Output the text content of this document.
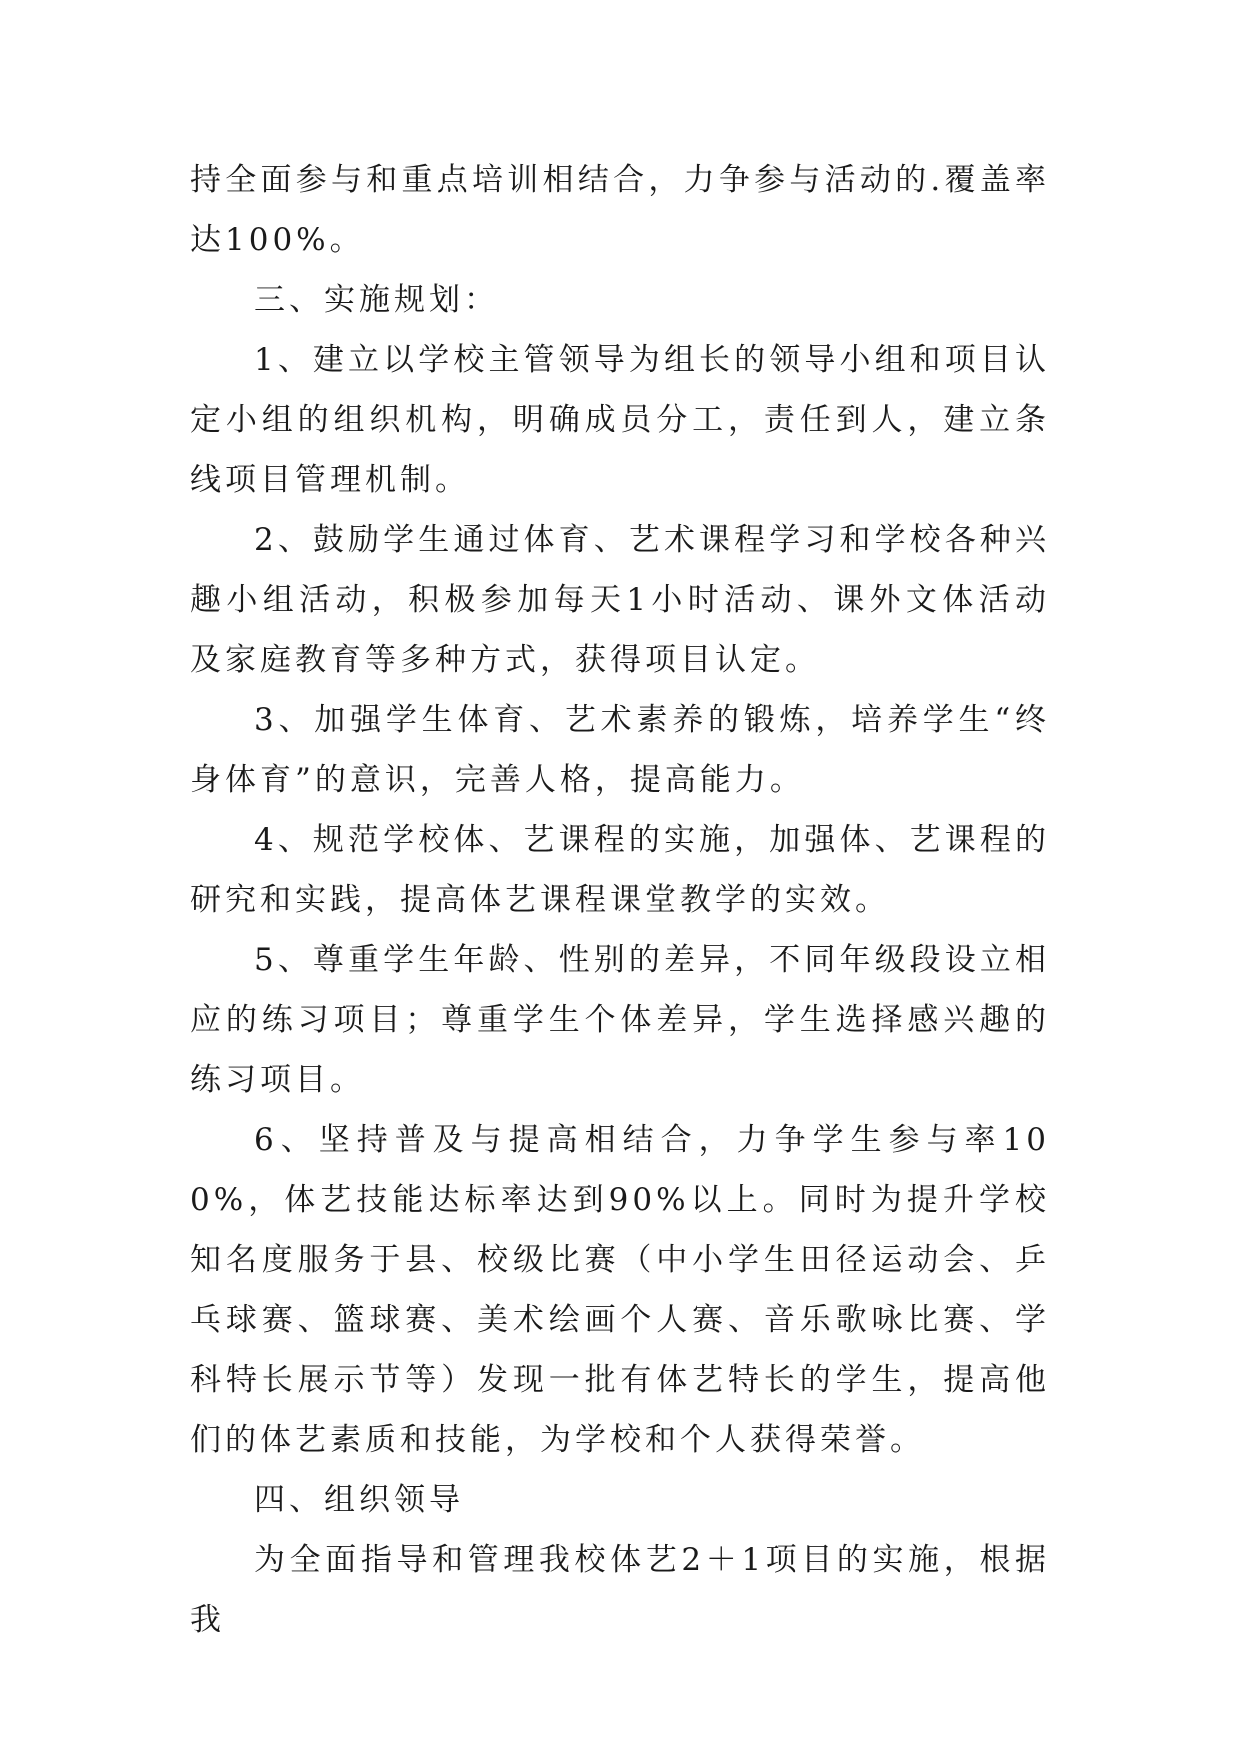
持全面参与和重点培训相结合，力争参与活动的.覆盖率达100%。

三、实施规划：

1、建立以学校主管领导为组长的领导小组和项目认定小组的组织机构，明确成员分工，责任到人，建立条线项目管理机制。

2、鼓励学生通过体育、艺术课程学习和学校各种兴趣小组活动，积极参加每天1小时活动、课外文体活动及家庭教育等多种方式，获得项目认定。

3、加强学生体育、艺术素养的锻炼，培养学生“终身体育”的意识，完善人格，提高能力。

4、规范学校体、艺课程的实施，加强体、艺课程的研究和实践，提高体艺课程课堂教学的实效。

5、尊重学生年龄、性别的差异，不同年级段设立相应的练习项目；尊重学生个体差异，学生选择感兴趣的练习项目。

6、坚持普及与提高相结合，力争学生参与率100%，体艺技能达标率达到90%以上。同时为提升学校知名度服务于县、校级比赛（中小学生田径运动会、乒乓球赛、篮球赛、美术绘画个人赛、音乐歌咏比赛、学科特长展示节等）发现一批有体艺特长的学生，提高他们的体艺素质和技能，为学校和个人获得荣誉。

四、组织领导

为全面指导和管理我校体艺2＋1项目的实施，根据我
